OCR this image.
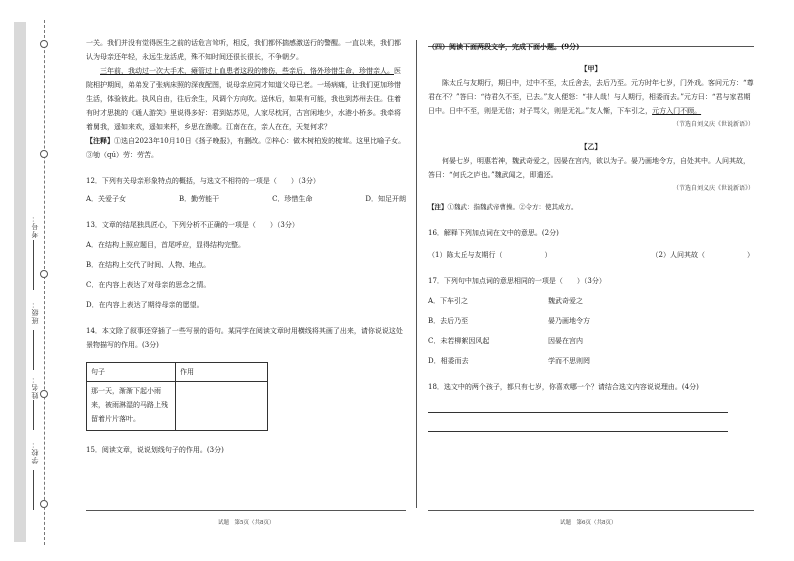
考号：
班级：
姓名：
学校：

一关。我们并没有觉得医生之前的话危言耸听，相反，我们都怀揣感激送行的警醒。一直以来，我们都认为母亲还年轻，永远生龙活虎，殊不知时间还很长很长，不争朝夕。

三年前，我动过一次大手术，瘫管过上血患者这段的惨伤，些亲后，恪外珍惜生命，珍惜亲人。医院相护期间，弟弟发了张病床照的深夜配图，说母亲应同才知道父母已老。一场病痛，让我们更加珍惜生活，体验彼此。执风自由，往后余生，风调个方向吹。送休后，如果有可能，我也到苏州去住。住着有时才思挑的《通人游笑》里说得多好：君到姑苏见，人家尽枕河，古宫闲地少，水港小桥多。我牵将着舅我，遥如来欢，遥如来杯，乡思在渔歌。江南在在，亲人在在，天复何求？

【注释】①选自2023年10月10日《扬子晚报》，有删改。②梓心：做木树柏发的梳茸。这里比喻子女。③劬（qú）劳：劳苦。

12．下列有关母亲形象特点的概括，与选文不相符的一项是（　　）（3分）

A．关爱子女	B．勤劳能干	C．珍惜生命	D．知足开朗

13．文章的结尾独具匠心，下列分析不正确的一项是（　　）（3分）

A．在结构上照应题目，首尾呼应，显得结构完整。

B．在结构上交代了时间、人物、地点。

C．在内容上表达了对母亲的思念之情。

D．在内容上表达了期待母亲的愿望。

14．本文除了叙事还穿插了一些写景的语句。某同学在阅读文章时用横线将其画了出来，请你说说这处景物描写的作用。(3分)

句子	作用
那一天，渐渐下起小雨来，被雨淋湿的马路上残留着片片落叶。	

15．阅读文章，说说划线句子的作用。(3分)

试题　第5页（共8页）

（四）阅读下面两段文字，完成下面小题。(9分)

【甲】

陈太丘与友期行，期日中，过中不至，太丘舍去，去后乃至。元方时年七岁，门外戏。客问元方：“尊君在不？”答曰：“待君久不至，已去。”友人便怒：“非人哉！与人期行，相委而去。”元方曰：“君与家君期日中。日中不至，则是无信；对子骂父，则是无礼。”友人惭，下车引之，元方入门不顾。

（节选自刘义庆《世说新语》）

【乙】

何晏七岁，明惠若神，魏武奇爱之，因晏在宫内，欲以为子。晏乃画地令方，自处其中。人问其故，答曰：“何氏之庐也。”魏武闻之，即遣还。

（节选自刘义庆《世说新语》）

【注】①魏武：指魏武帝曹操。②令方：使其成方。

16．解释下列加点词在文中的意思。(2分)

（1）陈太丘与友期行（　　　　　　）	（2）人问其故（　　　　　　）

17．下列句中加点词的意思相同的一项是（　　）（3分）

A．下车引之	魏武奇爱之
B．去后乃至	晏乃画地令方
C．未若柳絮因风起	因晏在宫内
D．相委而去	学而不思则罔

18．选文中的两个孩子，都只有七岁，你喜欢哪一个？请结合选文内容说说理由。(4分)

试题　第6页（共8页）
